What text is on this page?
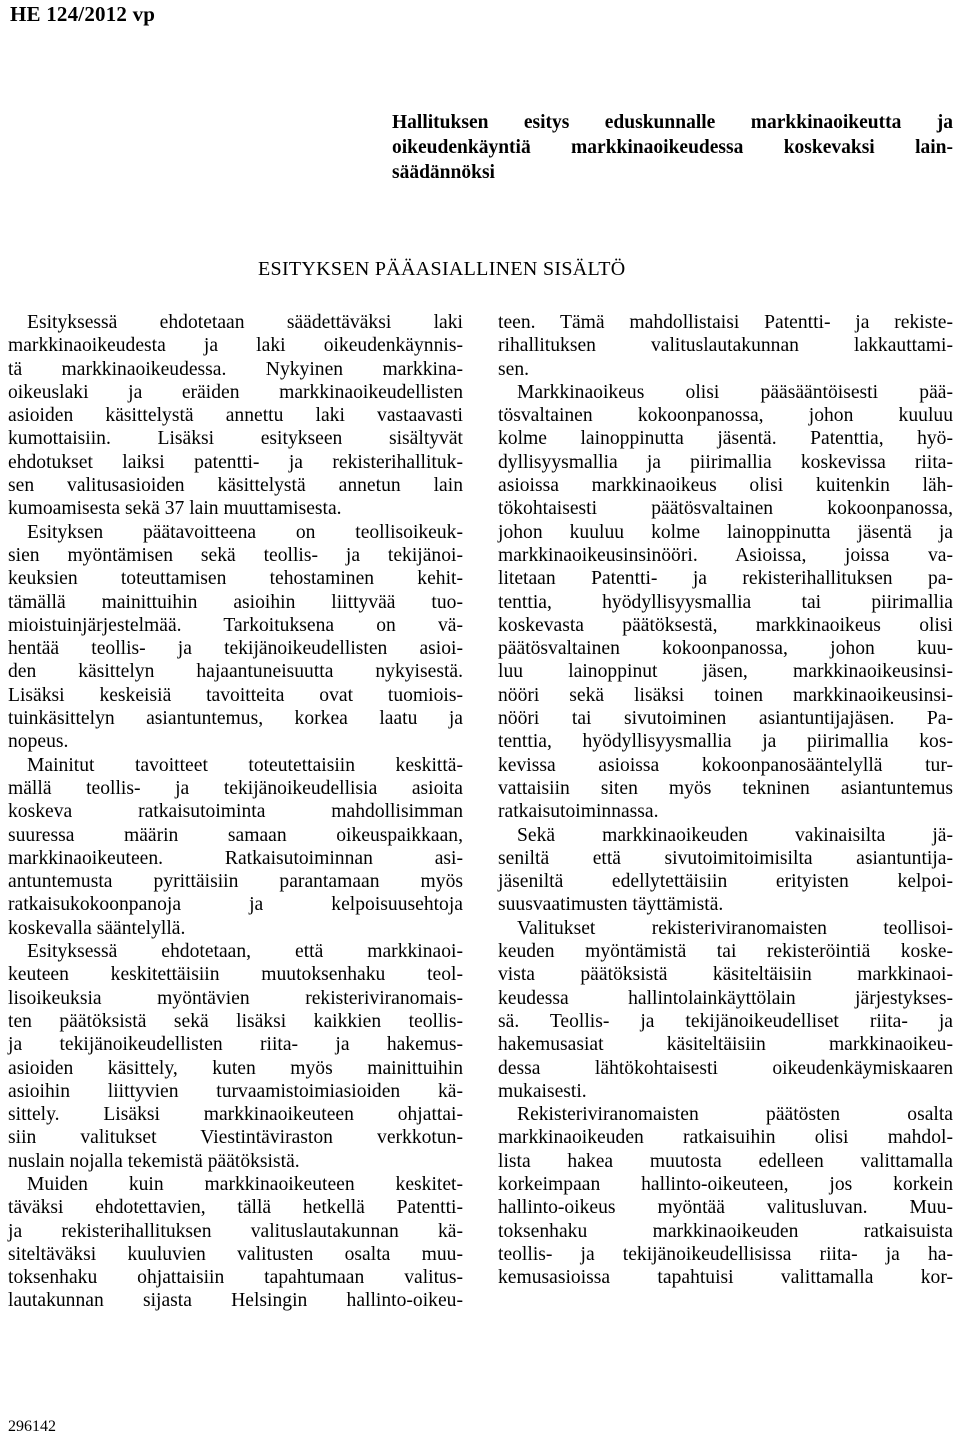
HE 124/2012 vp
Hallituksen esitys eduskunnalle markkinaoikeutta ja
oikeudenkäyntiä markkinaoikeudessa koskevaksi lain-
säädännöksi
ESITYKSEN PÄÄASIALLINEN SISÄLTÖ
Esityksessä ehdotetaan säädettäväksi laki
markkinaoikeudesta ja laki oikeudenkäynnis-
tä markkinaoikeudessa. Nykyinen markkina-
oikeuslaki ja eräiden markkinaoikeudellisten
asioiden käsittelystä annettu laki vastaavasti
kumottaisiin. Lisäksi esitykseen sisältyvät
ehdotukset laiksi patentti- ja rekisterihallituk-
sen valitusasioiden käsittelystä annetun lain
kumoamisesta sekä 37 lain muuttamisesta.
Esityksen päätavoitteena on teollisoikeuk-
sien myöntämisen sekä teollis- ja tekijänoi-
keuksien toteuttamisen tehostaminen kehit-
tämällä mainittuihin asioihin liittyvää tuo-
mioistuinjärjestelmää. Tarkoituksena on vä-
hentää teollis- ja tekijänoikeudellisten asioi-
den käsittelyn hajaantuneisuutta nykyisestä.
Lisäksi keskeisiä tavoitteita ovat tuomiois-
tuinkäsittelyn asiantuntemus, korkea laatu ja
nopeus.
Mainitut tavoitteet toteutettaisiin keskittä-
mällä teollis- ja tekijänoikeudellisia asioita
koskeva ratkaisutoiminta mahdollisimman
suuressa määrin samaan oikeuspaikkaan,
markkinaoikeuteen. Ratkaisutoiminnan asi-
antuntemusta pyrittäisiin parantamaan myös
ratkaisukokoonpanoja ja kelpoisuusehtoja
koskevalla sääntelyllä.
Esityksessä ehdotetaan, että markkinaoi-
keuteen keskitettäisiin muutoksenhaku teol-
lisoikeuksia myöntävien rekisteriviranomais-
ten päätöksistä sekä lisäksi kaikkien teollis-
ja tekijänoikeudellisten riita- ja hakemus-
asioiden käsittely, kuten myös mainittuihin
asioihin liittyvien turvaamistoimiasioiden kä-
sittely. Lisäksi markkinaoikeuteen ohjattai-
siin valitukset Viestintäviraston verkkotun-
nuslain nojalla tekemistä päätöksistä.
Muiden kuin markkinaoikeuteen keskitet-
täväksi ehdotettavien, tällä hetkellä Patentti-
ja rekisterihallituksen valituslautakunnan kä-
siteltäväksi kuuluvien valitusten osalta muu-
toksenhaku ohjattaisiin tapahtumaan valitus-
lautakunnan sijasta Helsingin hallinto-oikeu-
teen. Tämä mahdollistaisi Patentti- ja rekiste-
rihallituksen valituslautakunnan lakkauttami-
sen.
Markkinaoikeus olisi pääsääntöisesti pää-
tösvaltainen kokoonpanossa, johon kuuluu
kolme lainoppinutta jäsentä. Patenttia, hyö-
dyllisyysmallia ja piirimallia koskevissa riita-
asioissa markkinaoikeus olisi kuitenkin läh-
tökohtaisesti päätösvaltainen kokoonpanossa,
johon kuuluu kolme lainoppinutta jäsentä ja
markkinaoikeusinsinööri. Asioissa, joissa va-
litetaan Patentti- ja rekisterihallituksen pa-
tenttia, hyödyllisyysmallia tai piirimallia
koskevasta päätöksestä, markkinaoikeus olisi
päätösvaltainen kokoonpanossa, johon kuu-
luu lainoppinut jäsen, markkinaoikeusinsi-
nööri sekä lisäksi toinen markkinaoikeusinsi-
nööri tai sivutoiminen asiantuntijajäsen. Pa-
tenttia, hyödyllisyysmallia ja piirimallia kos-
kevissa asioissa kokoonpanosääntelyllä tur-
vattaisiin siten myös tekninen asiantuntemus
ratkaisutoiminnassa.
Sekä markkinaoikeuden vakinaisilta jä-
seniltä että sivutoimitoimisilta asiantuntija-
jäseniltä edellytettäisiin erityisten kelpoi-
suusvaatimusten täyttämistä.
Valitukset rekisteriviranomaisten teollisoi-
keuden myöntämistä tai rekisteröintiä koske-
vista päätöksistä käsiteltäisiin markkinaoi-
keudessa hallintolainkäyttölain järjestykses-
sä. Teollis- ja tekijänoikeudelliset riita- ja
hakemusasiat käsiteltäisiin markkinaoikeu-
dessa lähtökohtaisesti oikeudenkäymiskaaren
mukaisesti.
Rekisteriviranomaisten päätösten osalta
markkinaoikeuden ratkaisuihin olisi mahdol-
lista hakea muutosta edelleen valittamalla
korkeimpaan hallinto-oikeuteen, jos korkein
hallinto-oikeus myöntää valitusluvan. Muu-
toksenhaku markkinaoikeuden ratkaisuista
teollis- ja tekijänoikeudellisissa riita- ja ha-
kemusasioissa tapahtuisi valittamalla kor-
296142
